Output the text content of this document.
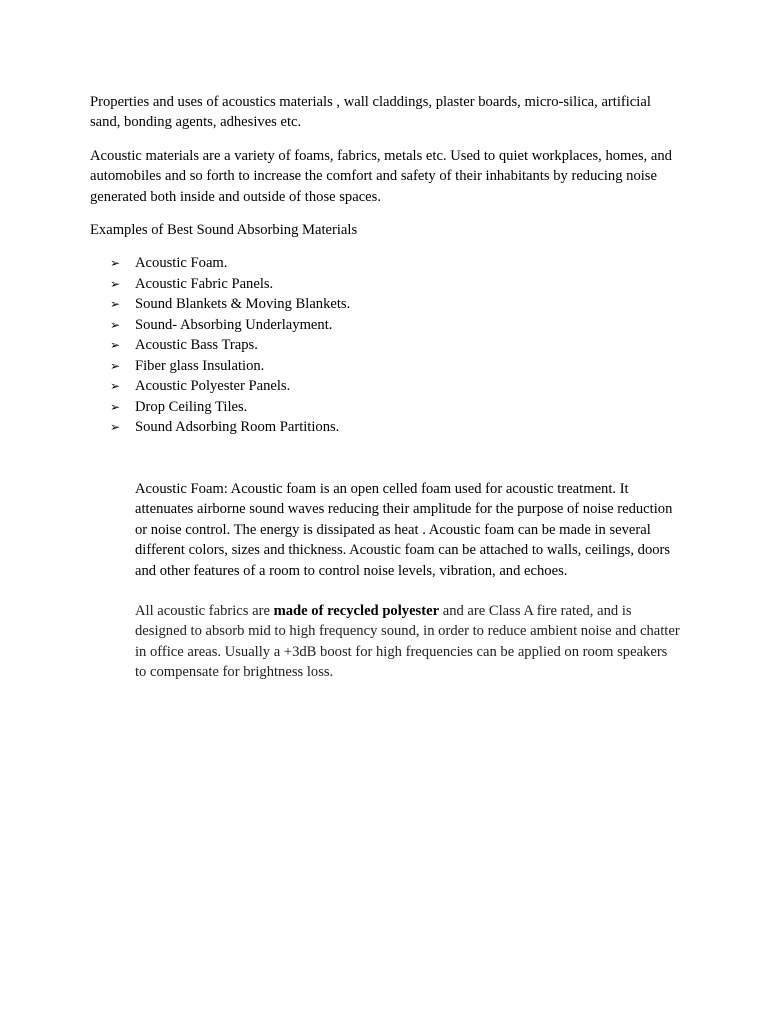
Properties and uses of acoustics materials , wall claddings, plaster boards, micro-silica, artificial sand, bonding agents, adhesives etc.

Acoustic materials are a variety of foams, fabrics, metals etc. Used to quiet workplaces, homes, and automobiles and so forth to increase the comfort and safety of their inhabitants by reducing noise generated both inside and outside of those spaces.

Examples of Best Sound Absorbing Materials

➢	Acoustic Foam.
➢	Acoustic Fabric Panels.
➢	Sound Blankets & Moving Blankets.
➢	Sound- Absorbing Underlayment.
➢	Acoustic Bass Traps.
➢	Fiber glass Insulation.
➢	Acoustic Polyester Panels.
➢	Drop Ceiling Tiles.
➢	Sound Adsorbing Room Partitions.

Acoustic Foam: Acoustic foam is an open celled foam used for acoustic treatment. It attenuates airborne sound waves reducing their amplitude for the purpose of noise reduction or noise control. The energy is dissipated as heat . Acoustic foam can be made in several different colors, sizes and thickness. Acoustic foam can be attached to walls, ceilings, doors and other features of a room to control noise levels, vibration, and echoes.

All acoustic fabrics are made of recycled polyester and are Class A fire rated, and is designed to absorb mid to high frequency sound, in order to reduce ambient noise and chatter in office areas. Usually a +3dB boost for high frequencies can be applied on room speakers to compensate for brightness loss.
